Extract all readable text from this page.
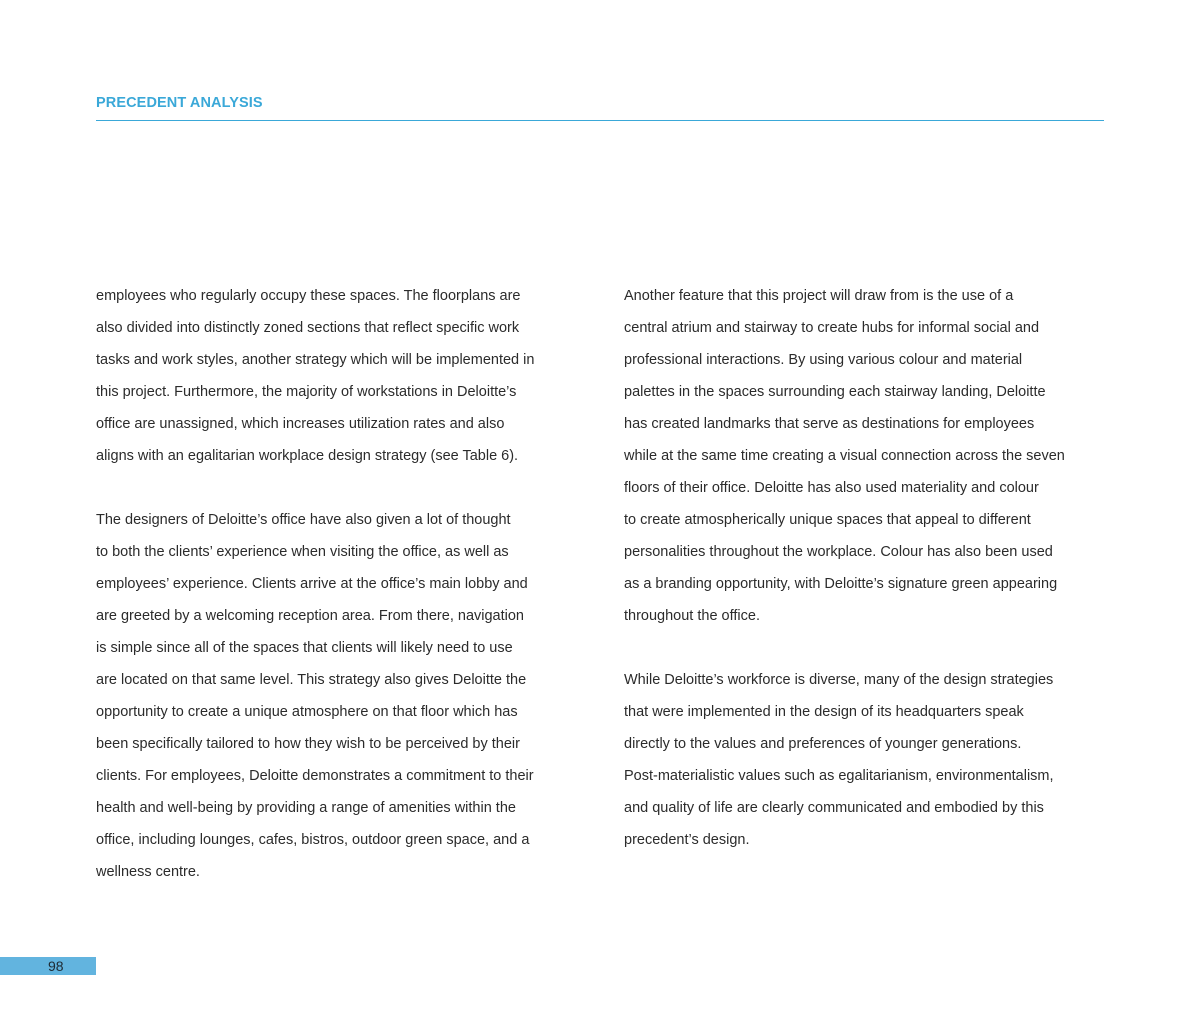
PRECEDENT ANALYSIS
employees who regularly occupy these spaces. The floorplans are
also divided into distinctly zoned sections that reflect specific work
tasks and work styles, another strategy which will be implemented in
this project. Furthermore, the majority of workstations in Deloitte’s
office are unassigned, which increases utilization rates and also
aligns with an egalitarian workplace design strategy (see Table 6).
The designers of Deloitte’s office have also given a lot of thought
to both the clients’ experience when visiting the office, as well as
employees’ experience. Clients arrive at the office’s main lobby and
are greeted by a welcoming reception area. From there, navigation
is simple since all of the spaces that clients will likely need to use
are located on that same level. This strategy also gives Deloitte the
opportunity to create a unique atmosphere on that floor which has
been specifically tailored to how they wish to be perceived by their
clients. For employees, Deloitte demonstrates a commitment to their
health and well-being by providing a range of amenities within the
office, including lounges, cafes, bistros, outdoor green space, and a
wellness centre.
Another feature that this project will draw from is the use of a
central atrium and stairway to create hubs for informal social and
professional interactions. By using various colour and material
palettes in the spaces surrounding each stairway landing, Deloitte
has created landmarks that serve as destinations for employees
while at the same time creating a visual connection across the seven
floors of their office. Deloitte has also used materiality and colour
to create atmospherically unique spaces that appeal to different
personalities throughout the workplace. Colour has also been used
as a branding opportunity, with Deloitte’s signature green appearing
throughout the office.
While Deloitte’s workforce is diverse, many of the design strategies
that were implemented in the design of its headquarters speak
directly to the values and preferences of younger generations.
Post-materialistic values such as egalitarianism, environmentalism,
and quality of life are clearly communicated and embodied by this
precedent’s design.
98
